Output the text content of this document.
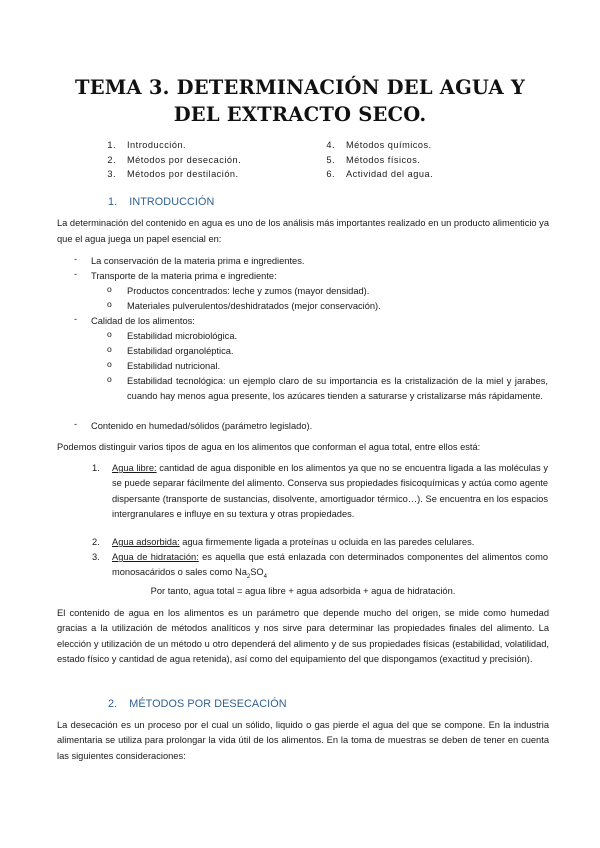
TEMA 3. DETERMINACIÓN DEL AGUA Y
DEL EXTRACTO SECO.
1. Introducción.
2. Métodos por desecación.
3. Métodos por destilación.
4. Métodos químicos.
5. Métodos físicos.
6. Actividad del agua.
1. INTRODUCCIÓN
La determinación del contenido en agua es uno de los análisis más importantes realizado en un producto alimenticio ya que el agua juega un papel esencial en:
- La conservación de la materia prima e ingredientes.
- Transporte de la materia prima e ingrediente:
o Productos concentrados: leche y zumos (mayor densidad).
o Materiales pulverulentos/deshidratados (mejor conservación).
- Calidad de los alimentos:
o Estabilidad microbiológica.
o Estabilidad organoléptica.
o Estabilidad nutricional.
o Estabilidad tecnológica: un ejemplo claro de su importancia es la cristalización de la miel y jarabes, cuando hay menos agua presente, los azúcares tienden a saturarse y cristalizarse más rápidamente.
- Contenido en humedad/sólidos (parámetro legislado).
Podemos distinguir varios tipos de agua en los alimentos que conforman el agua total, entre ellos está:
1. Agua libre: cantidad de agua disponible en los alimentos ya que no se encuentra ligada a las moléculas y se puede separar fácilmente del alimento. Conserva sus propiedades fisicoquímicas y actúa como agente dispersante (transporte de sustancias, disolvente, amortiguador térmico…). Se encuentra en los espacios intergranulares e influye en su textura y otras propiedades.
2. Agua adsorbida: agua firmemente ligada a proteínas u ocluida en las paredes celulares.
3. Agua de hidratación: es aquella que está enlazada con determinados componentes del alimentos como monosacáridos o sales como $Na_2SO_4$
Por tanto, agua total = agua libre + agua adsorbida + agua de hidratación.
El contenido de agua en los alimentos es un parámetro que depende mucho del origen, se mide como humedad gracias a la utilización de métodos analíticos y nos sirve para determinar las propiedades finales del alimento. La elección y utilización de un método u otro dependerá del alimento y de sus propiedades físicas (estabilidad, volatilidad, estado físico y cantidad de agua retenida), así como del equipamiento del que dispongamos (exactitud y precisión).
2. MÉTODOS POR DESECACIÓN
La desecación es un proceso por el cual un sólido, liquido o gas pierde el agua del que se compone. En la industria alimentaria se utiliza para prolongar la vida útil de los alimentos. En la toma de muestras se deben de tener en cuenta las siguientes consideraciones:
